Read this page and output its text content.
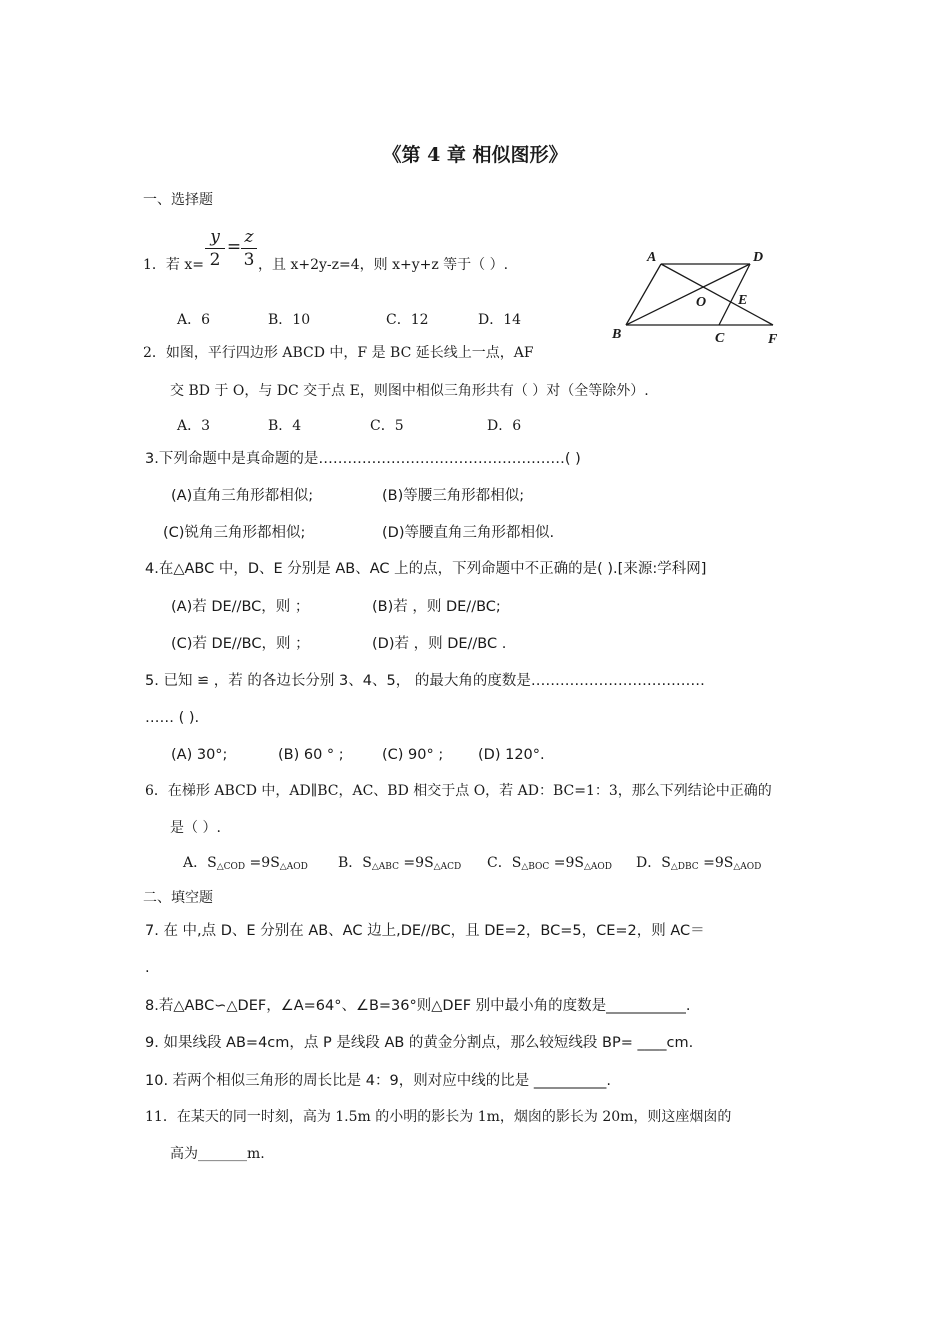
《第 4 章 相似图形》
一、选择题
1．若 x=
y
2
= z
3 ，且 x+2y-z=4，则 x+y+z 等于（ ）.
A．6	B．10	C．12	D．14
A	D
O E
B	C	F
2．如图，平行四边形 ABCD 中，F 是 BC 延长线上一点，AF
交 BD 于 O，与 DC 交于点 E，则图中相似三角形共有（ ）对（全等除外）.
A．3	B．4	C．5	D．6
3.下列命题中是真命题的是……………………………………………( )
(A)直角三角形都相似;	(B)等腰三角形都相似;
(C)锐角三角形都相似;	(D)等腰直角三角形都相似.
4.在△ABC 中，D、E 分别是 AB、AC 上的点，下列命题中不正确的是( ).[来源:学科网]
(A)若 DE//BC，则 ；	(B)若 ，则 DE//BC;
(C)若 DE//BC，则 ；	(D)若 ，则 DE//BC .
5. 已知 ≌ ，若 的各边长分别 3、4、5， 的最大角的度数是………………………………
…… ( ).
(A) 30°;	(B) 60 ° ;	(C) 90° ; (D) 120°.
6．在梯形 ABCD 中，AD∥BC，AC、BD 相交于点 O，若 AD：BC=1：3，那么下列结论中正确的
是（ ）.
A．$S_{\triangle COD} =9S_{\triangle AOD}$ B．$S_{\triangle ABC} =9S_{\triangle ACD}$ C．$S_{\triangle BOC} =9S_{\triangle AOD}$ D．$S_{\triangle DBC} =9S_{\triangle AOD}$
二、填空题
7. 在 中,点 D、E 分别在 AB、AC 边上,DE//BC，且 DE=2，BC=5，CE=2，则 AC＝
.
8.若△ABC∽△DEF，∠A=64°、∠B=36°则△DEF 别中最小角的度数是___________.
9. 如果线段 AB=4cm，点 P 是线段 AB 的黄金分割点，那么较短线段 BP= ____cm.
10. 若两个相似三角形的周长比是 4：9，则对应中线的比是 __________.
11．在某天的同一时刻，高为 1.5m 的小明的影长为 1m，烟囱的影长为 20m，则这座烟囱的
高为_______m.
